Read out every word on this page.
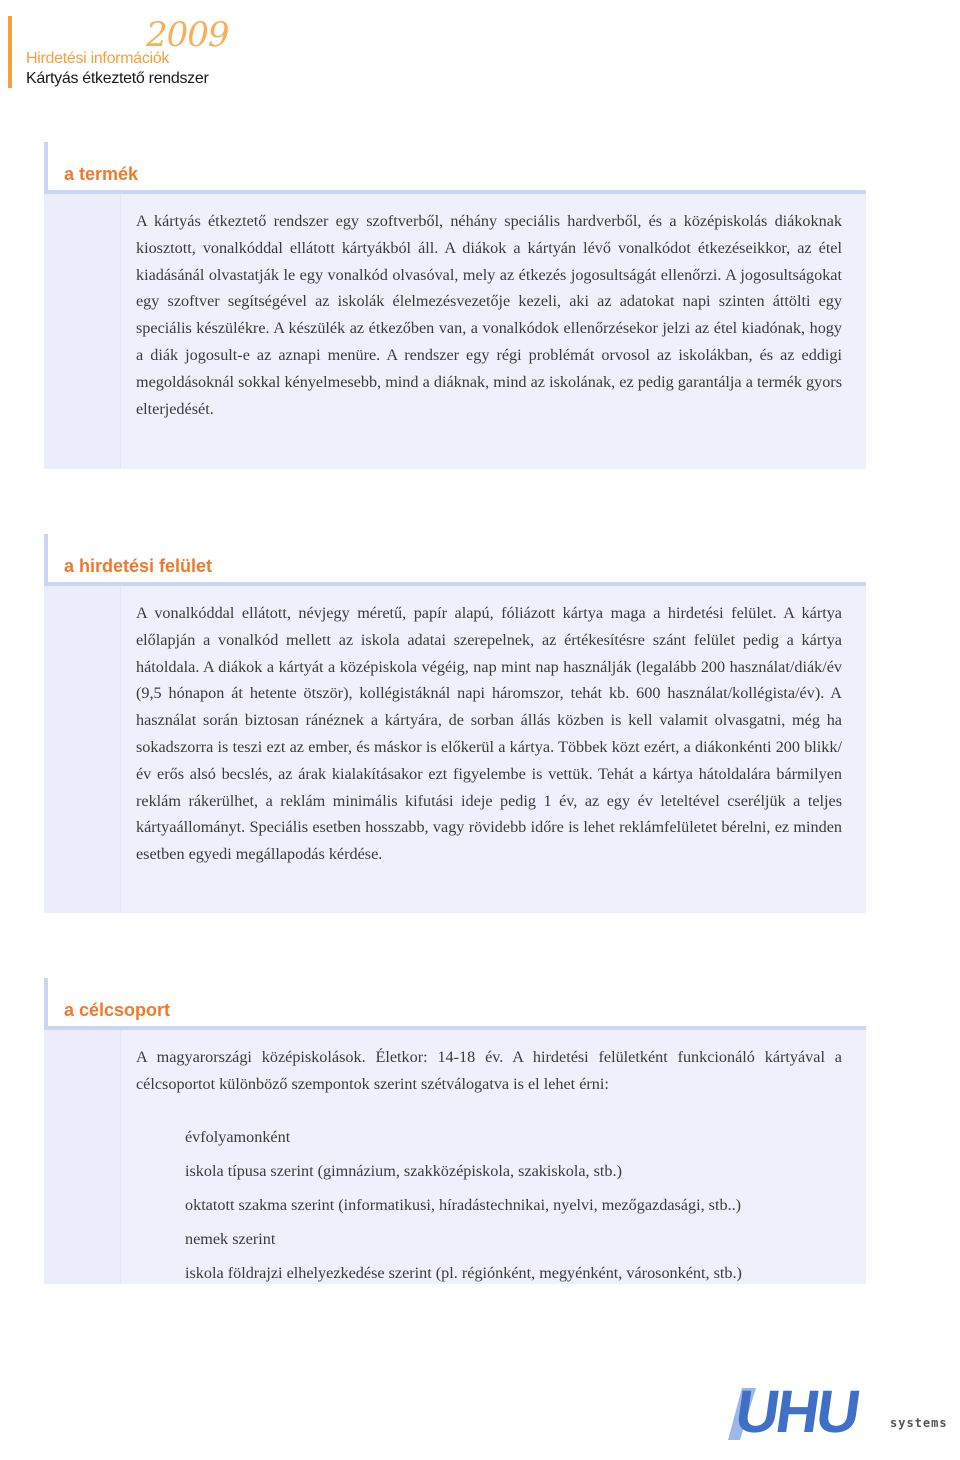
2009
Hirdetési információk
Kártyás étkeztető rendszer
a termék
A kártyás étkeztető rendszer egy szoftverből, néhány speciális hardverből, és a középiskolás diákoknak kiosztott, vonalkóddal ellátott kártyákból áll. A diákok a kártyán lévő vonalkódot étkezéseikkor, az étel kiadásánál olvastatják le egy vonalkód olvasóval, mely az étkezés jogosultságát ellenőrzi. A jogosultságokat egy szoftver segítségével az iskolák élelmezésvezetője kezeli, aki az adatokat napi szinten áttölti egy speciális készülékre. A készülék az étkezőben van, a vonalkódok ellenőrzésekor jelzi az étel kiadónak, hogy a diák jogosult-e az aznapi menüre. A rendszer egy régi problémát orvosol az iskolákban, és az eddigi megoldásoknál sokkal kényelmesebb, mind a diáknak, mind az iskolának, ez pedig garantálja a termék gyors elterjedését.
a hirdetési felület
A vonalkóddal ellátott, névjegy méretű, papír alapú, fóliázott kártya maga a hirdetési felület. A kártya előlapján a vonalkód mellett az iskola adatai szerepelnek, az értékesítésre szánt felület pedig a kártya hátoldala. A diákok a kártyát a középiskola végéig, nap mint nap használják (legalább 200 használat/diák/év (9,5 hónapon át hetente ötször), kollégistáknál napi háromszor, tehát kb. 600 használat/kollégista/év). A használat során biztosan ránéznek a kártyára, de sorban állás közben is kell valamit olvasgatni, még ha sokadszorra is teszi ezt az ember, és máskor is előkerül a kártya. Többek közt ezért, a diákonkénti 200 blikk/év erős alsó becslés, az árak kialakításakor ezt figyelembe is vettük. Tehát a kártya hátoldalára bármilyen reklám rákerülhet, a reklám minimális kifutási ideje pedig 1 év, az egy év leteltével cseréljük a teljes kártyaállományt. Speciális esetben hosszabb, vagy rövidebb időre is lehet reklámfelületet bérelni, ez minden esetben egyedi megállapodás kérdése.
a célcsoport
A magyarországi középiskolások. Életkor: 14-18 év. A hirdetési felületként funkcionáló kártyával a célcsoportot különböző szempontok szerint szétválogatva is el lehet érni:
évfolyamonként
iskola típusa szerint (gimnázium, szakközépiskola, szakiskola, stb.)
oktatott szakma szerint (informatikusi, híradástechnikai, nyelvi, mezőgazdasági, stb..)
nemek szerint
iskola földrajzi elhelyezkedése szerint (pl. régiónként, megyénként, városonként, stb.)
UHU systems
